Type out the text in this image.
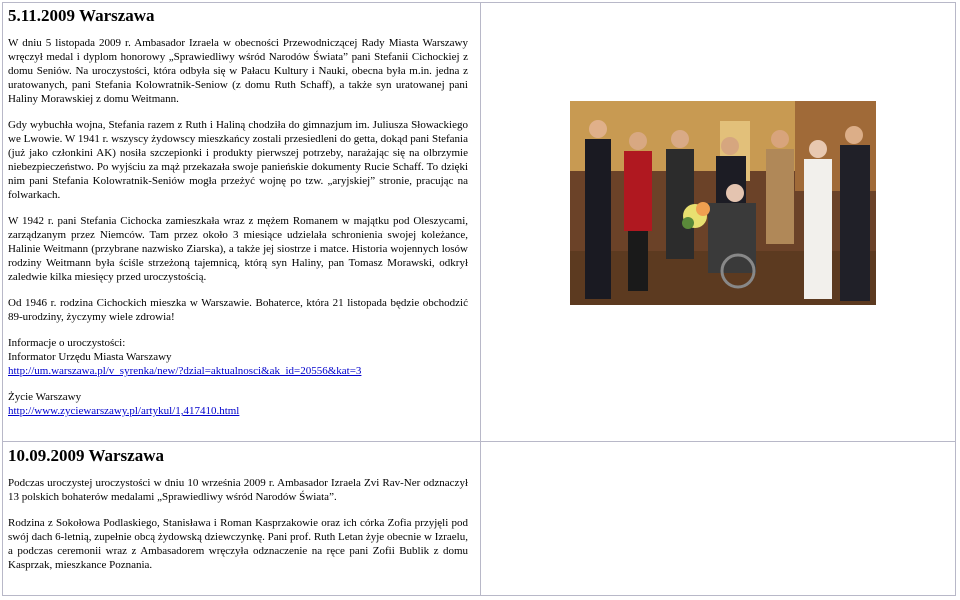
5.11.2009 Warszawa

W dniu 5 listopada 2009 r. Ambasador Izraela w obecności Przewodniczącej Rady Miasta Warszawy wręczył medal i dyplom honorowy „Sprawiedliwy wśród Narodów Świata” pani Stefanii Cichockiej z domu Seniów. Na uroczystości, która odbyła się w Pałacu Kultury i Nauki, obecna była m.in. jedna z uratowanych, pani Stefania Kolowratnik-Seniow (z domu Ruth Schaff), a także syn uratowanej pani Haliny Morawskiej z domu Weitmann.

Gdy wybuchła wojna, Stefania razem z Ruth i Haliną chodziła do gimnazjum im. Juliusza Słowackiego we Lwowie. W 1941 r. wszyscy żydowscy mieszkańcy zostali przesiedleni do getta, dokąd pani Stefania (już jako członkini AK) nosiła szczepionki i produkty pierwszej potrzeby, narażając się na olbrzymie niebezpieczeństwo. Po wyjściu za mąż przekazała swoje panieńskie dokumenty Rucie Schaff. To dzięki nim pani Stefania Kolowratnik-Seniów mogła przeżyć wojnę po tzw. „aryjskiej” stronie, pracując na folwarkach.

W 1942 r. pani Stefania Cichocka zamieszkała wraz z mężem Romanem w majątku pod Oleszycami, zarządzanym przez Niemców. Tam przez około 3 miesiące udzielała schronienia swojej koleżance, Halinie Weitmann (przybrane nazwisko Ziarska), a także jej siostrze i matce. Historia wojennych losów rodziny Weitmann była ściśle strzeżoną tajemnicą, którą syn Haliny, pan Tomasz Morawski, odkrył zaledwie kilka miesięcy przed uroczystością.

Od 1946 r. rodzina Cichockich mieszka w Warszawie. Bohaterce, która 21 listopada będzie obchodzić 89-urodziny, życzymy wiele zdrowia!

Informacje o uroczystości:

Informator Urzędu Miasta Warszawy

http://um.warszawa.pl/v_syrenka/new/?dzial=aktualnosci&ak_id=20556&kat=3

Życie Warszawy

http://www.zyciewarszawy.pl/artykul/1,417410.html

10.09.2009 Warszawa

Podczas uroczystej uroczystości w dniu 10 września 2009 r. Ambasador Izraela Zvi Rav-Ner odznaczył 13 polskich bohaterów medalami „Sprawiedliwy wśród Narodów Świata”.

Rodzina z Sokołowa Podlaskiego, Stanisława i Roman Kasprzakowie oraz ich córka Zofia przyjęli pod swój dach 6-letnią, zupełnie obcą żydowską dziewczynkę. Pani prof. Ruth Letan żyje obecnie w Izraelu, a podczas ceremonii wraz z Ambasadorem wręczyła odznaczenie na ręce pani Zofii Bublik z domu Kasprzak, mieszkance Poznania.
